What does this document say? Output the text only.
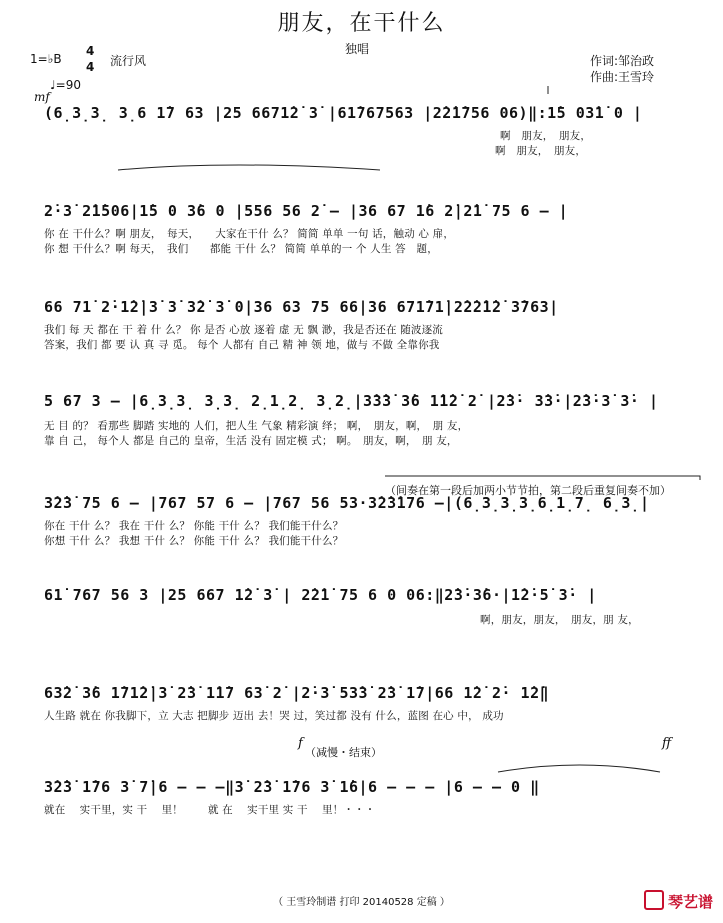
朋友，在干什么
独唱
1=♭B
4
4 流行风
♩=90
mf
作词:邹治政
作曲:王雪玲
(6̣3̣3̣ 3̣6 1̇7 63 |25 6671̇2̇ 3̇ |61̇767563 |2̇2̇1̇756 06)‖:1̇5 03̇1̇ 0 |
啊　朋友，　朋友，
啊　朋友，　朋友，
2̇·3̇ 2̇1̇506|1̇5 0 3̇6 0 |556 56 2̇ – |36 67 1̇6 2̇|2̇1̇ 75 6 – |
你 在 干什么？啊 朋友，　每天，　　大家在干什 么？ 简简 单单 一句 话，触动 心 扉，
你 想 干什么？啊 每天，　我们　　都能 干什 么？ 简简 单单的一 个 人生 答　题，
66 71̇ 2̇·1̇2̇|3̇ 3̇ 3̇2̇ 3̇ 0|36 63 75 66|36 671̇71̇|2̇2̇2̇1̇2̇ 3̇763|
我们 每 天 都在 干 着 什 么？ 你 是否 心放 逐着 虚 无 飘 渺，我是否还在 随波逐流
答案，我们 都 要 认 真 寻 觅。 每个 人都有 自己 精 神 领 地，做与 不做 全靠你我
5 67 3 – |6̣3̣3̣ 3̣3̣ 2̣1̣2̣ 3̣2̣|3̇3̇3̇ 3̇6 1̇1̇2̇ 2̇ |2̇3̇· 3̇3̇·|2̇3̇·3̇ 3̇· |
无 目 的？ 看那些 脚踏 实地的 人们，把人生 气象 精彩演 绎； 啊，　朋友，啊，　朋 友，
靠 自 己， 每个人 都是 自己的 皇帝，生活 没有 固定模 式； 啊。　朋友，啊，　朋 友，
（间奏在第一段后加两小节节拍，第二段后重复间奏不加）
3̇2̇3̇ 75 6 – |767 57 6 – |767 56 53·3̇2̇3̇176 –|(6̣3̣3̣3̣6̣1̣7̣ 6̣3̣|
你在 干什 么？ 我在 干什 么？ 你能 干什 么？ 我们能干什么？
你想 干什 么？ 我想 干什 么？ 你能 干什 么？ 我们能干什么？
61̇ 767 56 3 |25 667 1̇2̇ 3̇ | 2̇2̇1̇ 75 6 0 06:‖2̇3̇·3̇6·|1̇2̇·5̇ 3̇· |
啊，朋友，朋友，　朋友，朋 友，
63̇2̇ 3̇6 1̇71̇2̇|3̇ 2̇3̇ 1̇1̇7 63̇ 2̇ |2̇·3̇ 53̇3̇ 2̇3̇ 1̇7|66 1̇2̇ 2̇· 1̇2̇‖
人生路 就在 你我脚下，立 大志 把脚步 迈出 去！哭 过，笑过都 没有 什么，蓝图 在心 中， 成功
f
（减慢・结束）
ff
3̇2̇3̇ 1̇76 3̇ 7̇|6 – – –‖3̇ 2̇3̇ 1̇76 3̇ 1̇6|6 – – – |6 – – 0 ‖
就在　 实干里，实 干　 里！　　 就 在　 实干里 实 干　 里！・・・
（ 王雪玲制谱 打印 20140528 定稿 ）	琴艺谱
